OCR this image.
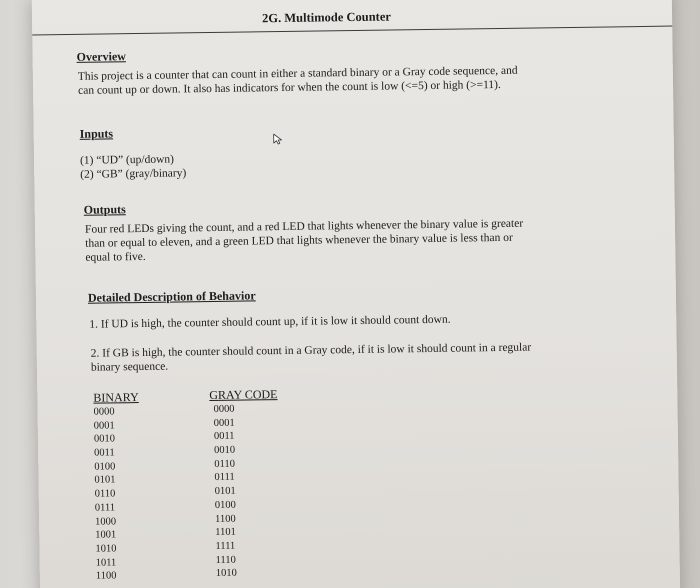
2G. Multimode Counter
Overview
This project is a counter that can count in either a standard binary or a Gray code sequence, and
can count up or down. It also has indicators for when the count is low (<=5) or high (>=11).
Inputs
(1) “UD” (up/down)
(2) “GB” (gray/binary)
Outputs
Four red LEDs giving the count, and a red LED that lights whenever the binary value is greater
than or equal to eleven, and a green LED that lights whenever the binary value is less than or
equal to five.
Detailed Description of Behavior
1. If UD is high, the counter should count up, if it is low it should count down.
2. If GB is high, the counter should count in a Gray code, if it is low it should count in a regular
binary sequence.
BINARY	GRAY CODE
0000
0001
0010
0011
0100
0101
0110
0111
1000
1001
1010
1011
1100
0000
0001
0011
0010
0110
0111
0101
0100
1100
1101
1111
1110
1010
